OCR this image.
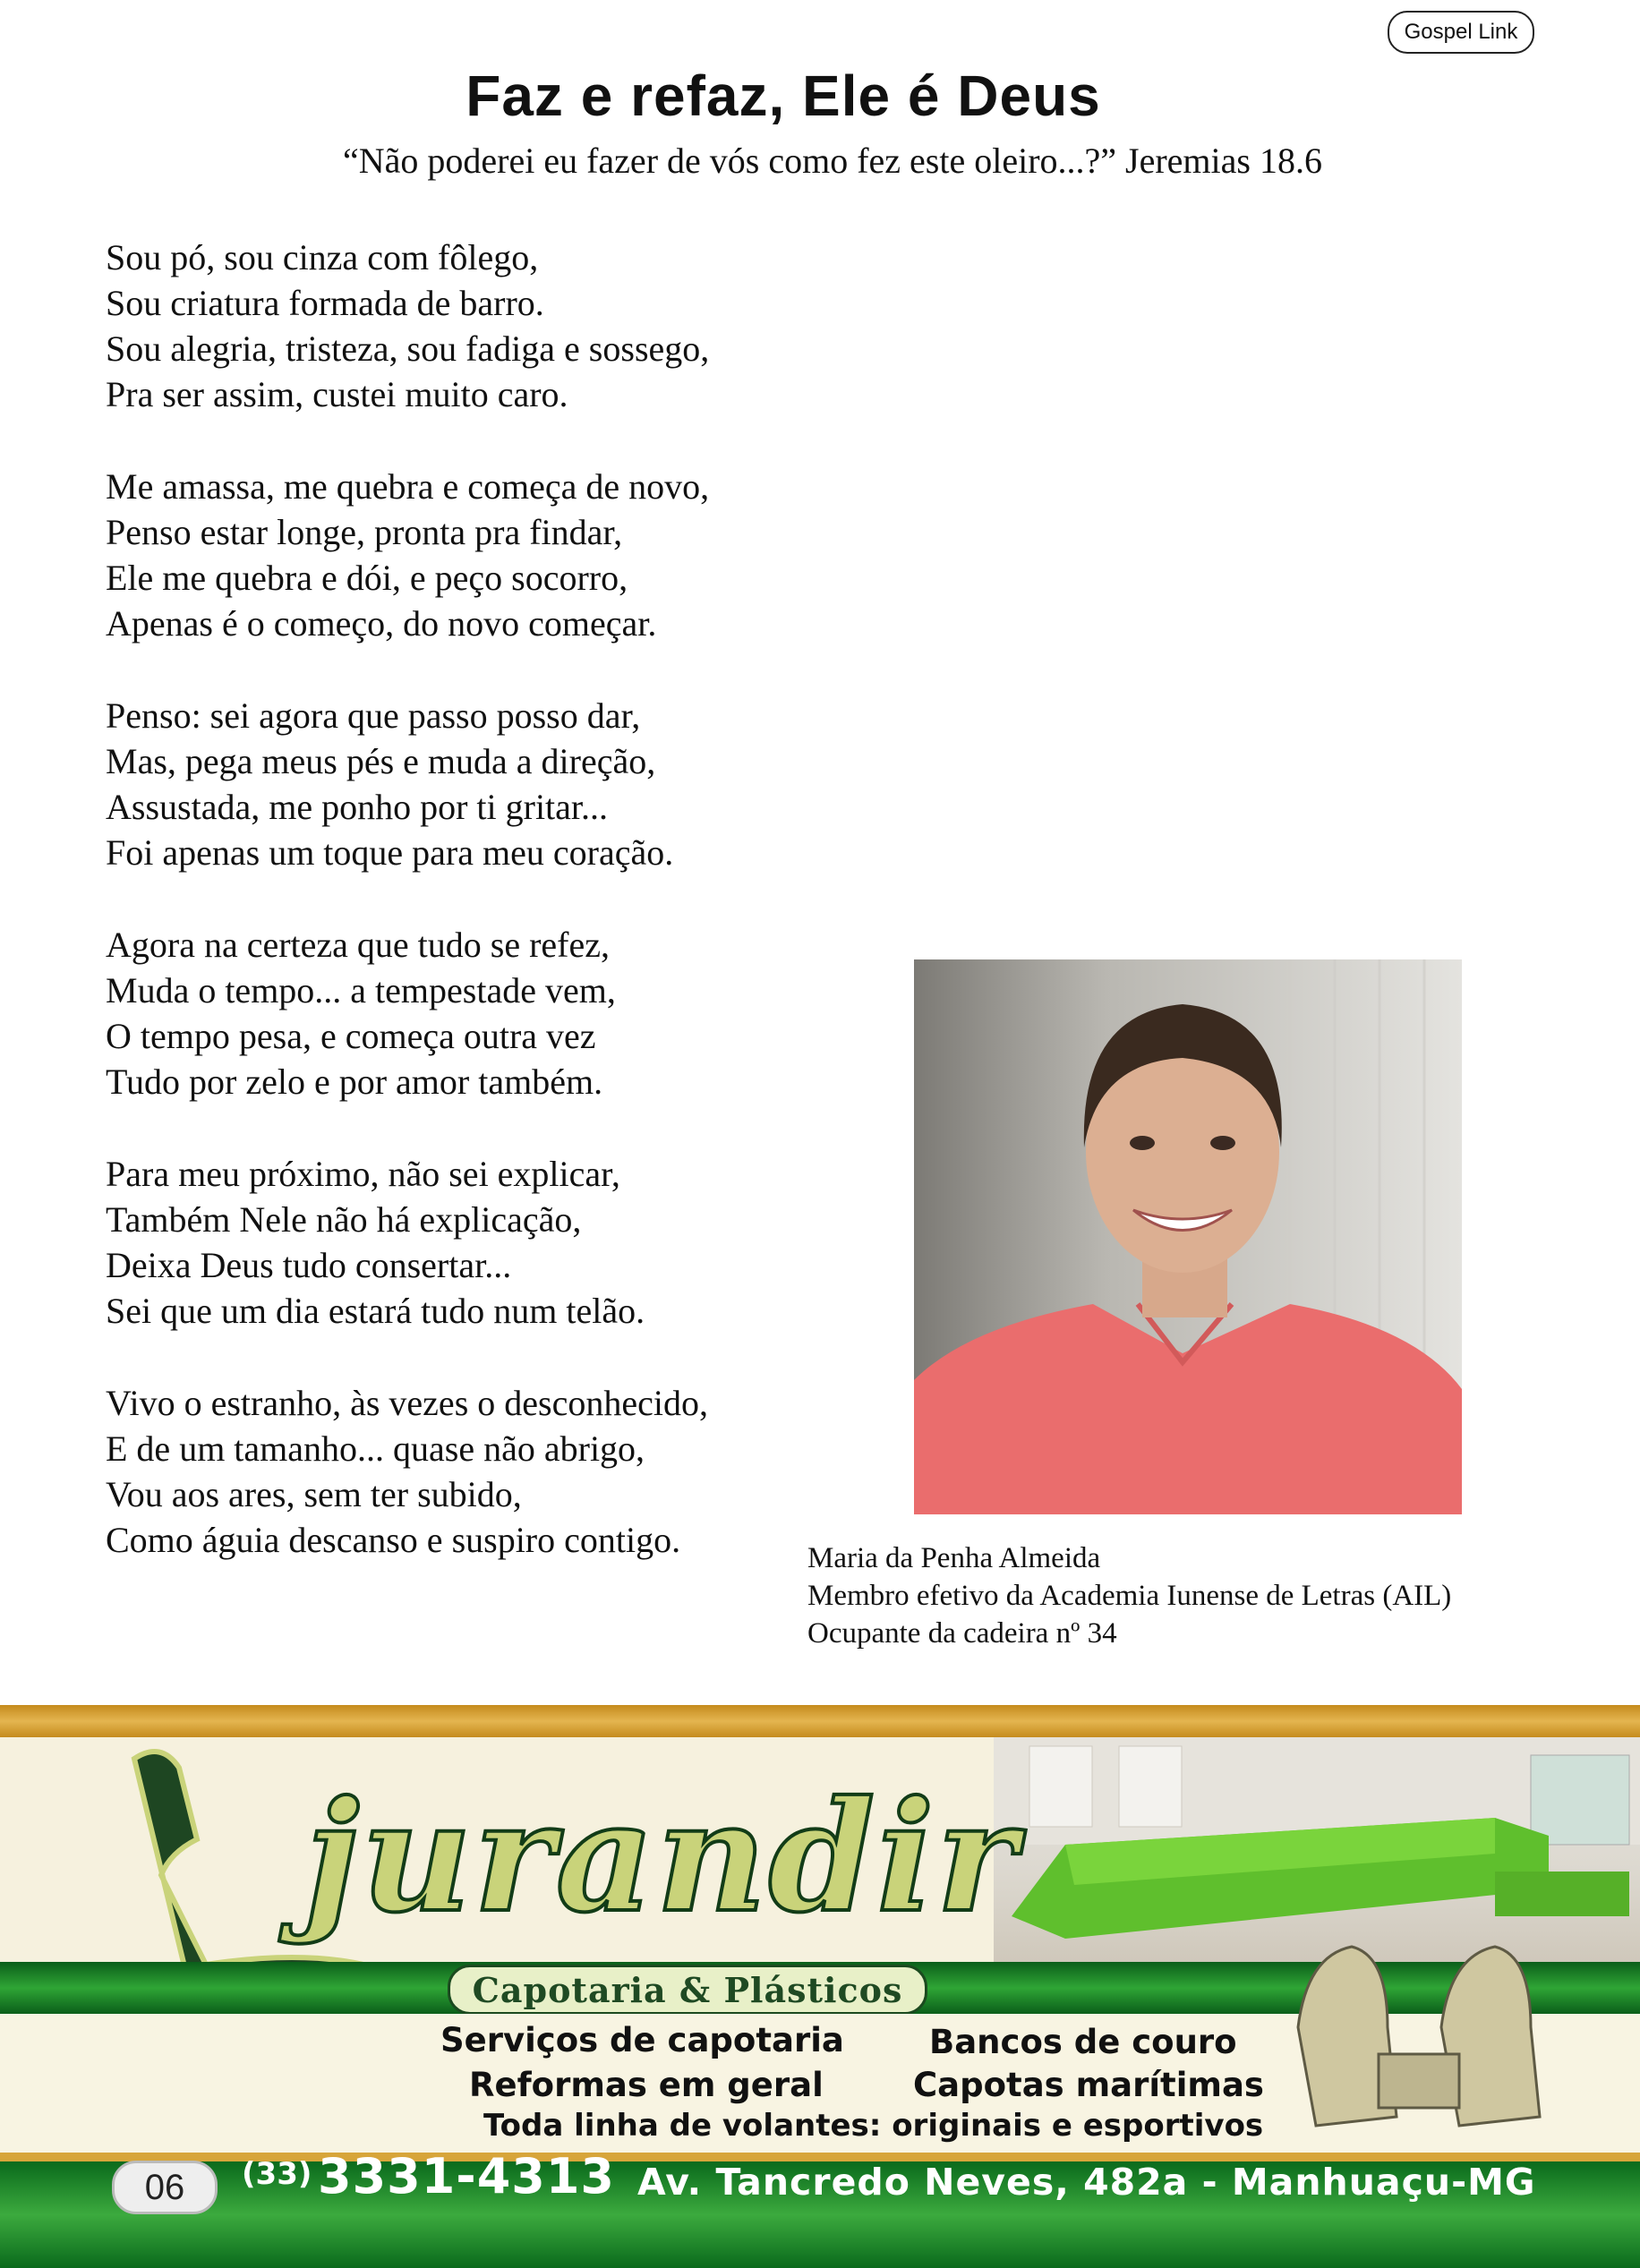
Gospel Link
Faz e refaz, Ele é Deus
“Não poderei eu fazer de vós como fez este oleiro...?” Jeremias 18.6
Sou pó, sou cinza com fôlego,
Sou criatura formada de barro.
Sou alegria, tristeza, sou fadiga e sossego,
Pra ser assim, custei muito caro.
Me amassa, me quebra e começa de novo,
Penso estar longe, pronta pra findar,
Ele me quebra e dói, e peço socorro,
Apenas é o começo, do novo começar.
Penso: sei agora que passo posso dar,
Mas, pega meus pés e muda a direção,
Assustada, me ponho por ti gritar...
Foi apenas um toque para meu coração.
Agora na certeza que tudo se refez,
Muda o tempo... a tempestade vem,
O tempo pesa, e começa outra vez
Tudo por zelo e por amor também.
Para meu próximo, não sei explicar,
Também Nele não há explicação,
Deixa Deus tudo consertar...
Sei que um dia estará tudo num telão.
Vivo o estranho, às vezes o desconhecido,
E de um tamanho... quase não abrigo,
Vou aos ares, sem ter subido,
Como águia descanso e suspiro contigo.	Maria da Penha Almeida
Membro efetivo da Academia Iunense de Letras (AIL)
Ocupante da cadeira nº 34
jurandir
Capotaria & Plásticos
Serviços de capotaria	Bancos de couro
Reformas em geral	Capotas marítimas
Toda linha de volantes: originais e esportivos
06	(33) 3331-4313 Av. Tancredo Neves, 482a - Manhuaçu-MG
